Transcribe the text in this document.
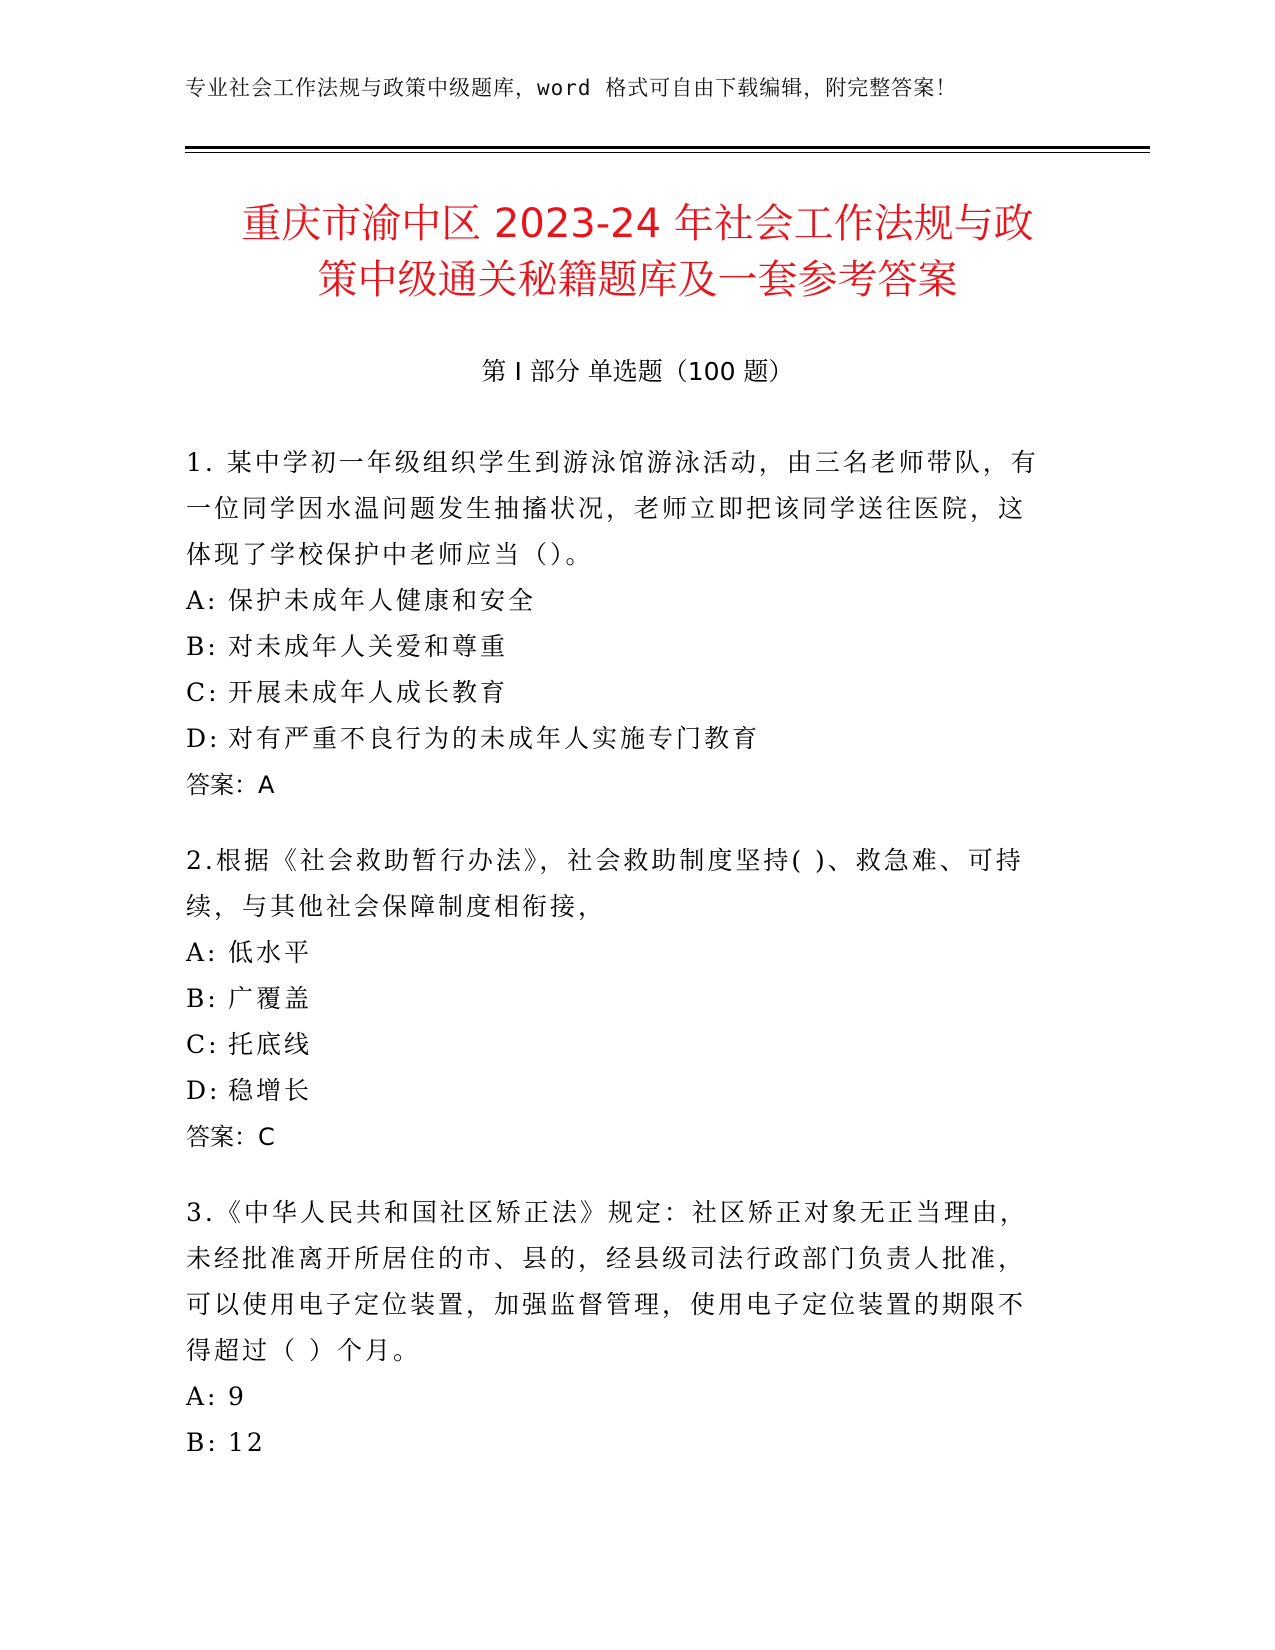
专业社会工作法规与政策中级题库，word 格式可自由下载编辑，附完整答案！
重庆市渝中区 2023-24 年社会工作法规与政
策中级通关秘籍题库及一套参考答案
第 I 部分 单选题（100 题）

1. 某中学初一年级组织学生到游泳馆游泳活动，由三名老师带队，有

一位同学因水温问题发生抽搐状况，老师立即把该同学送往医院，这

体现了学校保护中老师应当（）。

A: 保护未成年人健康和安全

B: 对未成年人关爱和尊重

C: 开展未成年人成长教育

D: 对有严重不良行为的未成年人实施专门教育

答案：A

2.根据《社会救助暂行办法》，社会救助制度坚持( )、救急难、可持

续，与其他社会保障制度相衔接，

A: 低水平

B: 广覆盖

C: 托底线

D: 稳增长

答案：C

3.《中华人民共和国社区矫正法》规定：社区矫正对象无正当理由，

未经批准离开所居住的市、县的，经县级司法行政部门负责人批准，

可以使用电子定位装置，加强监督管理，使用电子定位装置的期限不

得超过（ ）个月。

A: 9

B: 12
